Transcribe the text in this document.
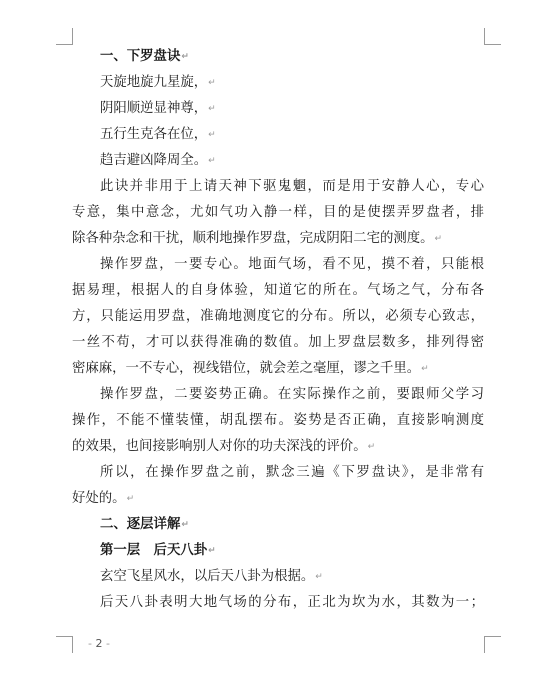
一、下罗盘诀↵
天旋地旋九星旋，↵
阴阳顺逆显神尊，↵
五行生克各在位，↵
趋吉避凶降周全。↵
此诀并非用于上请天神下驱鬼魍，而是用于安静人心，专心
专意，集中意念，尤如气功入静一样，目的是使摆弄罗盘者，排
除各种杂念和干扰，顺利地操作罗盘，完成阴阳二宅的测度。↵
操作罗盘，一要专心。地面气场，看不见，摸不着，只能根
据易理，根据人的自身体验，知道它的所在。气场之气，分布各
方，只能运用罗盘，准确地测度它的分布。所以，必须专心致志，
一丝不苟，才可以获得准确的数值。加上罗盘层数多，排列得密
密麻麻，一不专心，视线错位，就会差之毫厘，谬之千里。↵
操作罗盘，二要姿势正确。在实际操作之前，要跟师父学习
操作，不能不懂装懂，胡乱摆布。姿势是否正确，直接影响测度
的效果，也间接影响别人对你的功夫深浅的评价。↵
所以，在操作罗盘之前，默念三遍《下罗盘诀》，是非常有
好处的。↵
二、逐层详解↵
第一层　后天八卦↵
玄空飞星风水，以后天八卦为根据。↵
后天八卦表明大地气场的分布，正北为坎为水，其数为一；
- 2 -
